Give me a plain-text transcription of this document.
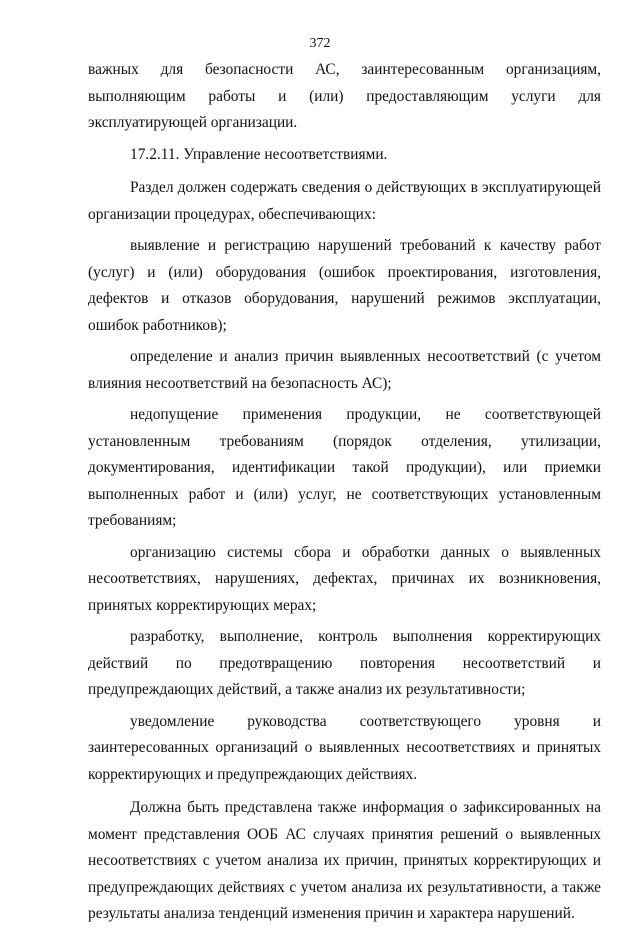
372

важных для безопасности АС, заинтересованным организациям, выполняющим работы и (или) предоставляющим услуги для эксплуатирующей организации.

17.2.11. Управление несоответствиями.

Раздел должен содержать сведения о действующих в эксплуатирующей организации процедурах, обеспечивающих:

выявление и регистрацию нарушений требований к качеству работ (услуг) и (или) оборудования (ошибок проектирования, изготовления, дефектов и отказов оборудования, нарушений режимов эксплуатации, ошибок работников);

определение и анализ причин выявленных несоответствий (с учетом влияния несоответствий на безопасность АС);

недопущение применения продукции, не соответствующей установленным требованиям (порядок отделения, утилизации, документирования, идентификации такой продукции), или приемки выполненных работ и (или) услуг, не соответствующих установленным требованиям;

организацию системы сбора и обработки данных о выявленных несоответствиях, нарушениях, дефектах, причинах их возникновения, принятых корректирующих мерах;

разработку, выполнение, контроль выполнения корректирующих действий по предотвращению повторения несоответствий и предупреждающих действий, а также анализ их результативности;

уведомление руководства соответствующего уровня и заинтересованных организаций о выявленных несоответствиях и принятых корректирующих и предупреждающих действиях.

Должна быть представлена также информация о зафиксированных на момент представления ООБ АС случаях принятия решений о выявленных несоответствиях с учетом анализа их причин, принятых корректирующих и предупреждающих действиях с учетом анализа их результативности, а также результаты анализа тенденций изменения причин и характера нарушений.
